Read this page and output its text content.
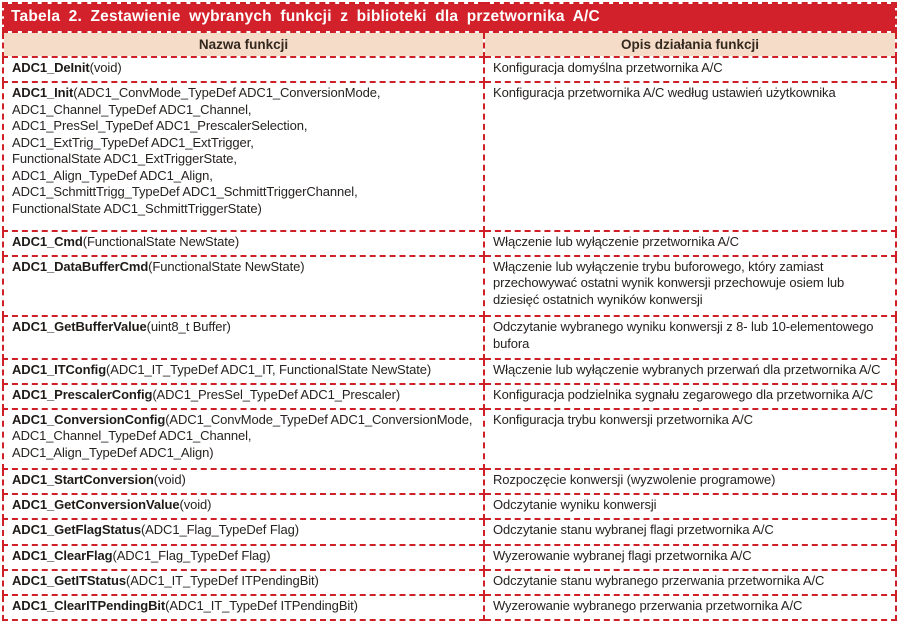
Tabela 2. Zestawienie wybranych funkcji z biblioteki dla przetwornika A/C	
Nazwa funkcji	Opis działania funkcji
ADC1_DeInit(void)	Konfiguracja domyślna przetwornika A/C
ADC1_Init(ADC1_ConvMode_TypeDef ADC1_ConversionMode,
ADC1_Channel_TypeDef ADC1_Channel,
ADC1_PresSel_TypeDef ADC1_PrescalerSelection,
ADC1_ExtTrig_TypeDef ADC1_ExtTrigger,
FunctionalState ADC1_ExtTriggerState,
ADC1_Align_TypeDef ADC1_Align,
ADC1_SchmittTrigg_TypeDef ADC1_SchmittTriggerChannel,
FunctionalState ADC1_SchmittTriggerState)	Konfiguracja przetwornika A/C według ustawień użytkownika
ADC1_Cmd(FunctionalState NewState)	Włączenie lub wyłączenie przetwornika A/C
ADC1_DataBufferCmd(FunctionalState NewState)	Włączenie lub wyłączenie trybu buforowego, który zamiast przechowywać ostatni wynik konwersji przechowuje osiem lub dziesięć ostatnich wyników konwersji
ADC1_GetBufferValue(uint8_t Buffer)	Odczytanie wybranego wyniku konwersji z 8- lub 10-elementowego bufora
ADC1_ITConfig(ADC1_IT_TypeDef ADC1_IT, FunctionalState NewState)	Włączenie lub wyłączenie wybranych przerwań dla przetwornika A/C
ADC1_PrescalerConfig(ADC1_PresSel_TypeDef ADC1_Prescaler)	Konfiguracja podzielnika sygnału zegarowego dla przetwornika A/C
ADC1_ConversionConfig(ADC1_ConvMode_TypeDef ADC1_ConversionMode,
ADC1_Channel_TypeDef ADC1_Channel,
ADC1_Align_TypeDef ADC1_Align)	Konfiguracja trybu konwersji przetwornika A/C
ADC1_StartConversion(void)	Rozpoczęcie konwersji (wyzwolenie programowe)
ADC1_GetConversionValue(void)	Odczytanie wyniku konwersji
ADC1_GetFlagStatus(ADC1_Flag_TypeDef Flag)	Odczytanie stanu wybranej flagi przetwornika A/C
ADC1_ClearFlag(ADC1_Flag_TypeDef Flag)	Wyzerowanie wybranej flagi przetwornika A/C
ADC1_GetITStatus(ADC1_IT_TypeDef ITPendingBit)	Odczytanie stanu wybranego przerwania przetwornika A/C
ADC1_ClearITPendingBit(ADC1_IT_TypeDef ITPendingBit)	Wyzerowanie wybranego przerwania przetwornika A/C
